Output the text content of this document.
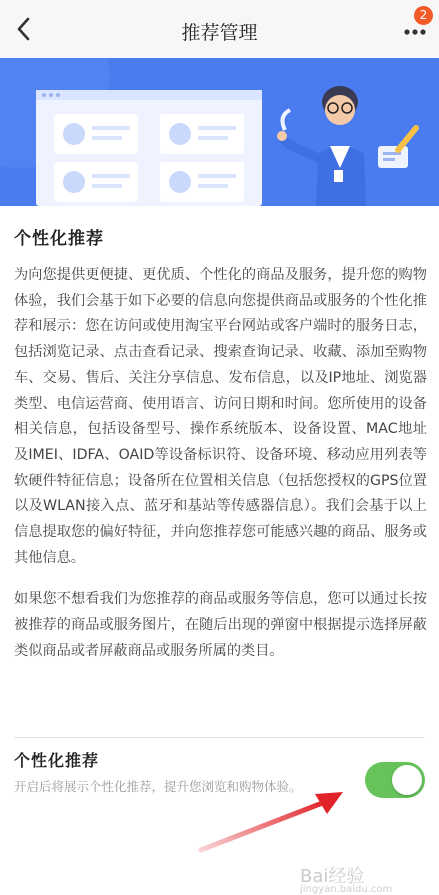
推荐管理
2
个性化推荐

为向您提供更便捷、更优质、个性化的商品及服务，提升您的购物体验，我们会基于如下必要的信息向您提供商品或服务的个性化推荐和展示：您在访问或使用淘宝平台网站或客户端时的服务日志，包括浏览记录、点击查看记录、搜索查询记录、收藏、添加至购物车、交易、售后、关注分享信息、发布信息，以及IP地址、浏览器类型、电信运营商、使用语言、访问日期和时间。您所使用的设备相关信息，包括设备型号、操作系统版本、设备设置、MAC地址及IMEI、IDFA、OAID等设备标识符、设备环境、移动应用列表等软硬件特征信息；设备所在位置相关信息（包括您授权的GPS位置以及WLAN接入点、蓝牙和基站等传感器信息）。我们会基于以上信息提取您的偏好特征，并向您推荐您可能感兴趣的商品、服务或其他信息。

如果您不想看我们为您推荐的商品或服务等信息，您可以通过长按被推荐的商品或服务图片，在随后出现的弹窗中根据提示选择屏蔽类似商品或者屏蔽商品或服务所属的类目。

个性化推荐
开启后将展示个性化推荐，提升您浏览和购物体验。
Bai经验
jingyan.baidu.com
